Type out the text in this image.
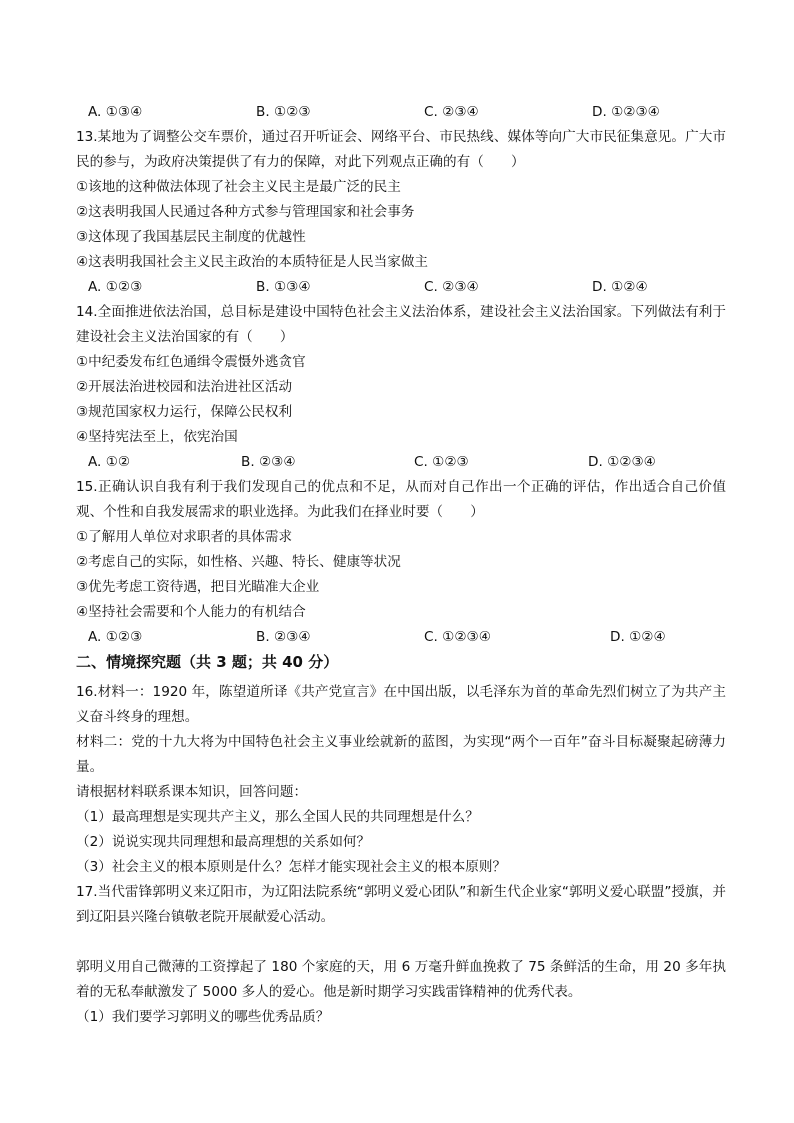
A. ①③④	B. ①②③	C. ②③④	D. ①②③④
13.某地为了调整公交车票价，通过召开听证会、网络平台、市民热线、媒体等向广大市民征集意见。广大市民的参与，为政府决策提供了有力的保障，对此下列观点正确的有（　　）
①该地的这种做法体现了社会主义民主是最广泛的民主
②这表明我国人民通过各种方式参与管理国家和社会事务
③这体现了我国基层民主制度的优越性
④这表明我国社会主义民主政治的本质特征是人民当家做主
A. ①②③	B. ①③④	C. ②③④	D. ①②④
14.全面推进依法治国，总目标是建设中国特色社会主义法治体系，建设社会主义法治国家。下列做法有利于建设社会主义法治国家的有（　　）
①中纪委发布红色通缉令震慑外逃贪官
②开展法治进校园和法治进社区活动
③规范国家权力运行，保障公民权利
④坚持宪法至上，依宪治国
A. ①②	B. ②③④	C. ①②③	D. ①②③④
15.正确认识自我有利于我们发现自己的优点和不足，从而对自己作出一个正确的评估，作出适合自己价值观、个性和自我发展需求的职业选择。为此我们在择业时要（　　）
①了解用人单位对求职者的具体需求
②考虑自己的实际，如性格、兴趣、特长、健康等状况
③优先考虑工资待遇，把目光瞄准大企业
④坚持社会需要和个人能力的有机结合
A. ①②③	B. ②③④	C. ①②③④	D. ①②④
二、情境探究题（共 3 题；共 40 分）
16.材料一：1920 年，陈望道所译《共产党宣言》在中国出版，以毛泽东为首的革命先烈们树立了为共产主义奋斗终身的理想。
材料二：党的十九大将为中国特色社会主义事业绘就新的蓝图，为实现“两个一百年”奋斗目标凝聚起磅薄力量。
请根据材料联系课本知识，回答问题：
（1）最高理想是实现共产主义，那么全国人民的共同理想是什么？
（2）说说实现共同理想和最高理想的关系如何？
（3）社会主义的根本原则是什么？怎样才能实现社会主义的根本原则？
17.当代雷锋郭明义来辽阳市，为辽阳法院系统“郭明义爱心团队”和新生代企业家“郭明义爱心联盟”授旗，并到辽阳县兴隆台镇敬老院开展献爱心活动。
郭明义用自己微薄的工资撑起了 180 个家庭的天，用 6 万毫升鲜血挽救了 75 条鲜活的生命，用 20 多年执着的无私奉献激发了 5000 多人的爱心。他是新时期学习实践雷锋精神的优秀代表。
（1）我们要学习郭明义的哪些优秀品质？
